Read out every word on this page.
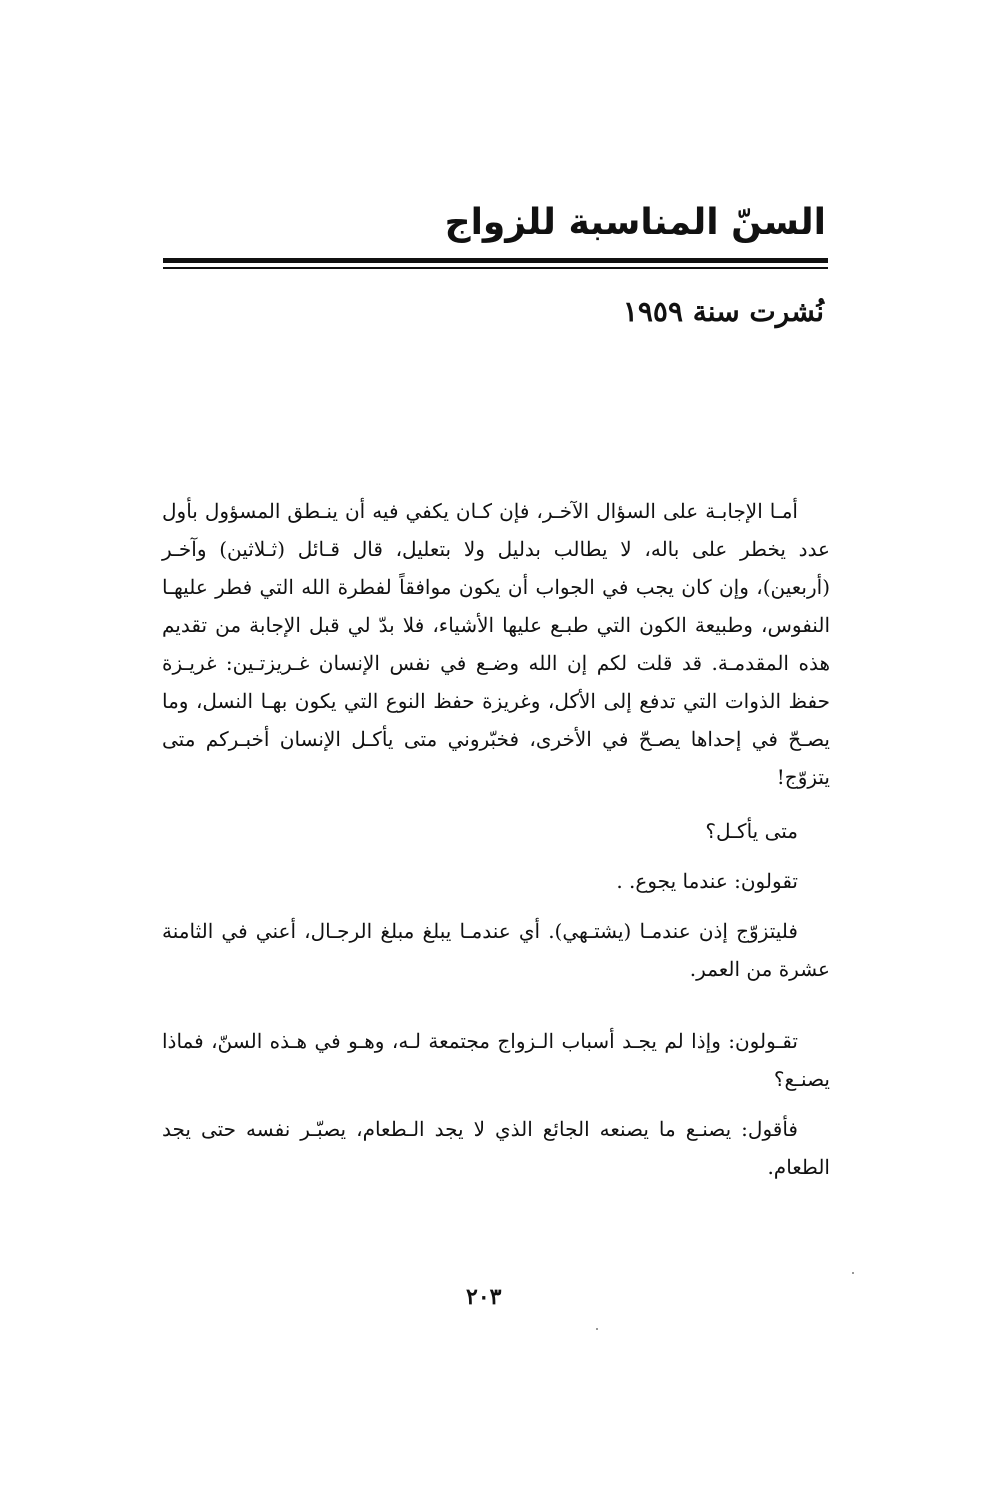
السنّ المناسبة للزواج

نُشرت سنة ١٩٥٩

أمـا الإجابـة على السؤال الآخـر، فإن كـان يكفي فيه أن ينـطق المسؤول بأول عدد يخطر على باله، لا يطالب بدليل ولا بتعليل، قال قـائل (ثـلاثين) وآخـر (أربعين)، وإن كان يجب في الجواب أن يكون موافقاً لفطرة الله التي فطر عليهـا النفوس، وطبيعة الكون التي طبـع عليها الأشياء، فلا بدّ لي قبل الإجابة من تقديم هذه المقدمـة. قد قلت لكم إن الله وضـع في نفس الإنسان غـريزتـين: غريـزة حفظ الذوات التي تدفع إلى الأكل، وغريزة حفظ النوع التي يكون بهـا النسل، وما يصـحّ في إحداها يصـحّ في الأخرى، فخبّروني متى يأكـل الإنسان أخبـركم متى يتزوّج!

متى يأكـل؟

تقولون: عندما يجوع. .

فليتزوّج إذن عندمـا (يشتـهي). أي عندمـا يبلغ مبلغ الرجـال، أعني في الثامنة عشرة من العمر.

تقـولون: وإذا لم يجـد أسباب الـزواج مجتمعة لـه، وهـو في هـذه السنّ، فماذا يصنـع؟

فأقول: يصنـع ما يصنعه الجائع الذي لا يجد الـطعام، يصبّـر نفسه حتى يجد الطعام.

٢٠٣
